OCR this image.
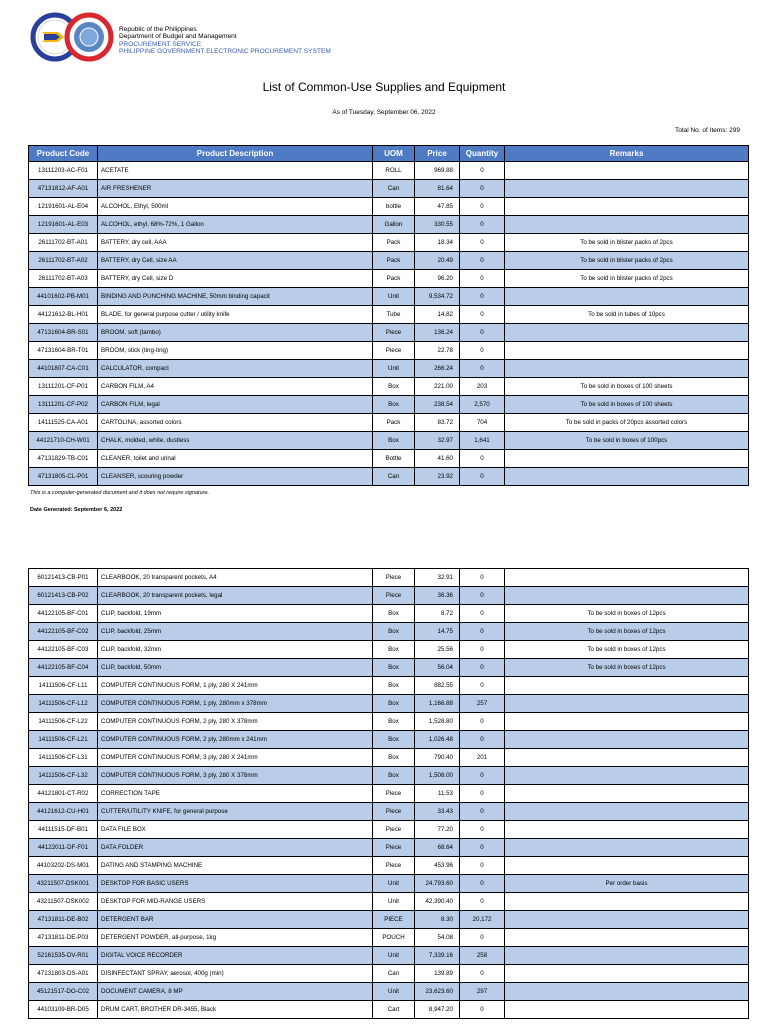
Republic of the Philippines
Department of Budget and Management
PROCUREMENT SERVICE
PHILIPPINE GOVERNMENT ELECTRONIC PROCUREMENT SYSTEM
List of Common-Use Supplies and Equipment
As of Tuesday, September 06, 2022
Total No. of Items: 299
Product Code	Product Description	UOM	Price	Quantity	Remarks
13111203-AC-F01	ACETATE	ROLL	969.88	0	
47131812-AF-A01	AIR FRESHENER	Can	81.64	0	
12191601-AL-E04	ALCOHOL, Ethyl, 500ml	bottle	47.85	0	
12191601-AL-E03	ALCOHOL, ethyl, 68%-72%, 1 Gallon	Gallon	330.55	0	
26111702-BT-A01	BATTERY, dry cell, AAA	Pack	18.34	0	To be sold in blister packs of 2pcs
26111702-BT-A02	BATTERY, dry Cell, size AA	Pack	20.49	0	To be sold in blister packs of 2pcs
26111702-BT-A03	BATTERY, dry Cell, size D	Pack	96.20	0	To be sold in blister packs of 2pcs
44101602-PB-M01	BINDING AND PUNCHING MACHINE, 50mm binding capacit	Unit	9,534.72	0	
44121612-BL-H01	BLADE, for general purpose cutter / utility knife	Tube	14.82	0	To be sold in tubes of 10pcs
47131604-BR-S01	BROOM, soft (tambo)	Piece	136.24	0	
47131604-BR-T01	BROOM, stick (ting-ting)	Piece	22.78	0	
44101807-CA-C01	CALCULATOR, compact	Unit	266.24	0	
13111201-CF-P01	CARBON FILM, A4	Box	221.00	203	To be sold in boxes of 100 sheets
13111201-CF-P02	CARBON FILM, legal	Box	238.54	2,570	To be sold in boxes of 100 sheets
14111525-CA-A01	CARTOLINA, assorted colors	Pack	83.72	704	To be sold in packs of 20pcs assorted colors
44121710-CH-W01	CHALK, molded, white, dustless	Box	32.97	1,641	To be sold in boxes of 100pcs
47131829-TB-C01	CLEANER, toilet and urinal	Bottle	41.60	0	
47131805-CL-P01	CLEANSER, scouring powder	Can	23.92	0	
This is a computer-generated document and it does not require signature.
Date Generated: September 6, 2022
60121413-CB-P01	CLEARBOOK, 20 transparent pockets, A4	Piece	32.91	0	
60121413-CB-P02	CLEARBOOK, 20 transparent pockets, legal	Piece	36.36	0	
44122105-BF-C01	CLIP, backfold, 19mm	Box	8.72	0	To be sold in boxes of 12pcs
44122105-BF-C02	CLIP, backfold, 25mm	Box	14.75	0	To be sold in boxes of 12pcs
44122105-BF-C03	CLIP, backfold, 32mm	Box	25.56	0	To be sold in boxes of 12pcs
44122105-BF-C04	CLIP, backfold, 50mm	Box	56.04	0	To be sold in boxes of 12pcs
14111506-CF-L11	COMPUTER CONTINUOUS FORM, 1 ply, 280 X 241mm	Box	882.55	0	
14111506-CF-L12	COMPUTER CONTINUOUS FORM, 1 ply, 280mm x 378mm	Box	1,166.88	257	
14111506-CF-L22	COMPUTER CONTINUOUS FORM, 2 ply, 280 X 378mm	Box	1,528.80	0	
14111506-CF-L21	COMPUTER CONTINUOUS FORM, 2 ply, 280mm x 241mm	Box	1,026.48	0	
14111506-CF-L31	COMPUTER CONTINUOUS FORM, 3 ply, 280 X 241mm	Box	790.40	201	
14111506-CF-L32	COMPUTER CONTINUOUS FORM, 3 ply, 280 X 378mm	Box	1,508.00	0	
44121801-CT-R02	CORRECTION TAPE	Piece	11.53	0	
44121612-CU-H01	CUTTER/UTILITY KNIFE, for general purpose	Piece	33.43	0	
44111515-DF-B01	DATA FILE BOX	Piece	77.20	0	
44122011-DF-F01	DATA FOLDER	Piece	68.64	0	
44103202-DS-M01	DATING AND STAMPING MACHINE	Piece	453.96	0	
43211507-DSK001	DESKTOP FOR BASIC USERS	Unit	24,793.60	0	Per order basis
43211507-DSK002	DESKTOP FOR MID-RANGE USERS	Unit	42,390.40	0	
47131811-DE-B02	DETERGENT BAR	PIECE	8.30	20,172	
47131811-DE-P03	DETERGENT POWDER, all-purpose, 1kg	POUCH	54.08	0	
52161535-DV-R01	DIGITAL VOICE RECORDER	Unit	7,339.16	258	
47131803-DS-A01	DISINFECTANT SPRAY, aerosol, 400g (min)	Can	139.89	0	
45121517-DO-C02	DOCUMENT CAMERA, 8 MP	Unit	23,623.60	297	
44103109-BR-D05	DRUM CART, BROTHER DR-3455, Black	Cart	8,947.20	0	
